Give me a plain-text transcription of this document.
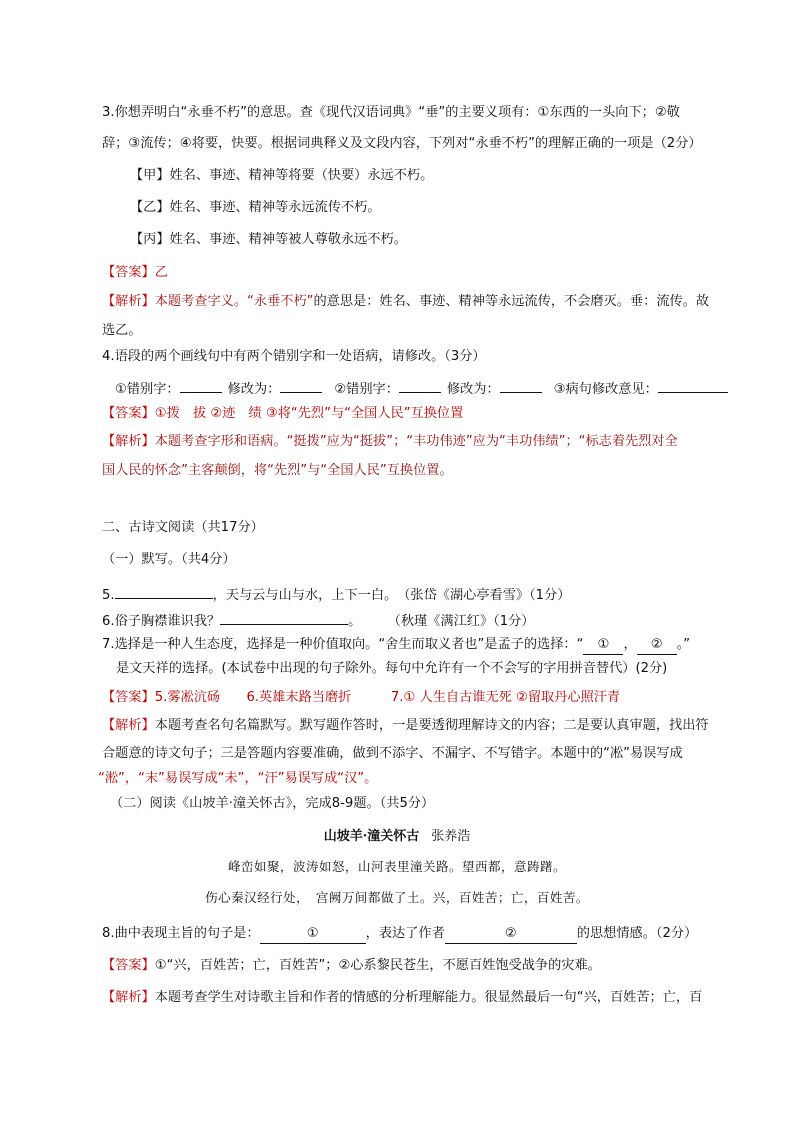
3.你想弄明白“永垂不朽”的意思。查《现代汉语词典》“垂”的主要义项有：①东西的一头向下；②敬
辞；③流传；④将要，快要。根据词典释义及文段内容，下列对“永垂不朽”的理解正确的一项是（2分）
【甲】姓名、事迹、精神等将要（快要）永远不朽。
【乙】姓名、事迹、精神等永远流传不朽。
【丙】姓名、事迹、精神等被人尊敬永远不朽。
【答案】乙
【解析】本题考查字义。“永垂不朽”的意思是：姓名、事迹、精神等永远流传，不会磨灭。垂：流传。故
选乙。
4.语段的两个画线句中有两个错别字和一处语病，请修改。（3分）
①错别字：	修改为：	②错别字：	修改为：	③病句修改意见：
【答案】①拨　拔 ②迹　绩 ③将“先烈”与“全国人民”互换位置
【解析】本题考查字形和语病。“挺拨”应为“挺拔”；“丰功伟迹”应为“丰功伟绩”；“标志着先烈对全
国人民的怀念”主客颠倒，将“先烈”与“全国人民”互换位置。
二、古诗文阅读（共17分）
（一）默写。（共4分）
5.	，天与云与山与水，上下一白。　（张岱《湖心亭看雪》（1分）
6.俗子胸襟谁识我？	。　　　（秋瑾《满江红》（1分）
7.选择是一种人生态度，选择是一种价值取向。“舍生而取义者也”是孟子的选择：“ ① ， ② 。”
是文天祥的选择。(本试卷中出现的句子除外。每句中允许有一个不会写的字用拼音替代）(2分)
【答案】5.雾凇沆砀　　6.英雄末路当磨折　　　7.① 人生自古谁无死 ②留取丹心照汗青
【解析】本题考查名句名篇默写。默写题作答时，一是要透彻理解诗文的内容；二是要认真审题，找出符
合题意的诗文句子；三是答题内容要准确，做到不添字、不漏字、不写错字。本题中的“凇”易误写成
“淞”，“末”易误写成“未”，“汗”易误写成“汉”。
（二）阅读《山坡羊·潼关怀古》，完成8-9题。（共5分）
山坡羊·潼关怀古 张养浩
峰峦如聚，波涛如怒，山河表里潼关路。望西都，意踌躇。
伤心秦汉经行处，　宫阙万间都做了土。兴，百姓苦；亡，百姓苦。
8.曲中表现主旨的句子是：	①	，表达了作者	②	的思想情感。（2分）
【答案】①“兴，百姓苦；亡，百姓苦”；②心系黎民苍生，不愿百姓饱受战争的灾难。
【解析】本题考查学生对诗歌主旨和作者的情感的分析理解能力。很显然最后一句“兴，百姓苦；亡，百
